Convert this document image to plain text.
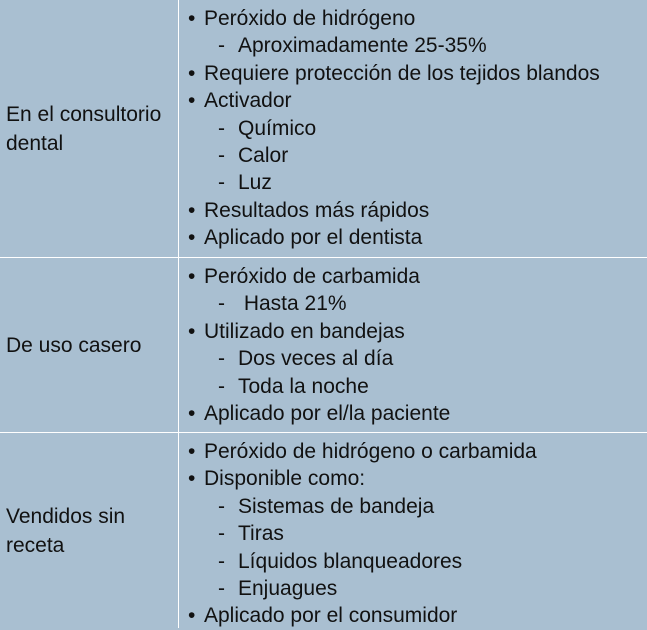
En el consultorio dental
• Peróxido de hidrógeno
- Aproximadamente 25-35%
• Requiere protección de los tejidos blandos
• Activador
- Químico
- Calor
- Luz
• Resultados más rápidos
• Aplicado por el dentista
De uso casero
• Peróxido de carbamida
- Hasta 21%
• Utilizado en bandejas
- Dos veces al día
- Toda la noche
• Aplicado por el/la paciente
Vendidos sin receta
• Peróxido de hidrógeno o carbamida
• Disponible como:
- Sistemas de bandeja
- Tiras
- Líquidos blanqueadores
- Enjuagues
• Aplicado por el consumidor
